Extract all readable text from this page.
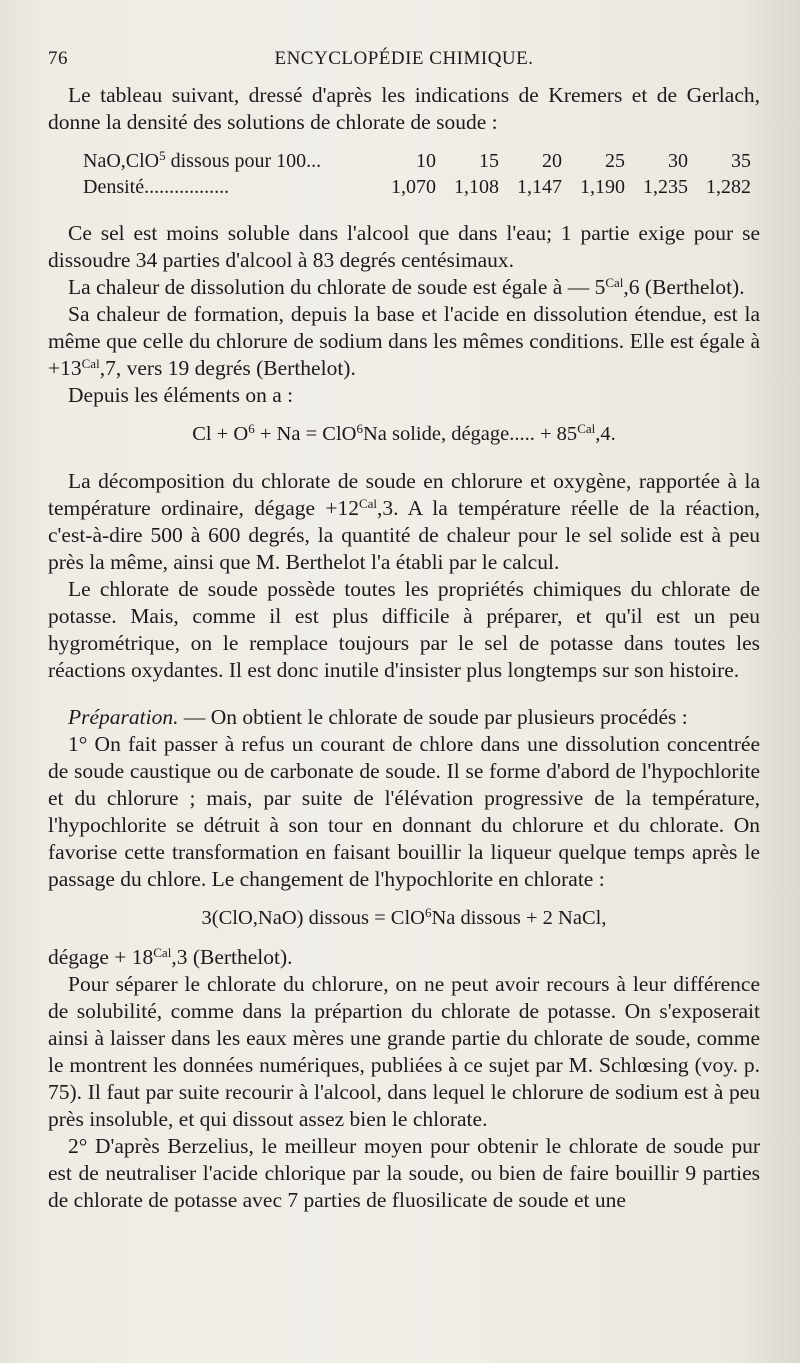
76	ENCYCLOPÉDIE CHIMIQUE.

Le tableau suivant, dressé d'après les indications de Kremers et de Gerlach, donne la densité des solutions de chlorate de soude :

NaO,ClO$^5$ dissous pour 100...	10	15	20	25	30	35
Densité.................	1,070	1,108	1,147	1,190	1,235	1,282

Ce sel est moins soluble dans l'alcool que dans l'eau; 1 partie exige pour se dissoudre 34 parties d'alcool à 83 degrés centésimaux.

La chaleur de dissolution du chlorate de soude est égale à — $5^{Cal},6$ (Berthelot).

Sa chaleur de formation, depuis la base et l'acide en dissolution étendue, est la même que celle du chlorure de sodium dans les mêmes conditions. Elle est égale à $+13^{Cal},7$, vers 19 degrés (Berthelot).

Depuis les éléments on a :

$Cl + O^6 + Na = ClO^6Na$ solide, dégage..... + $85^{Cal},4$.

La décomposition du chlorate de soude en chlorure et oxygène, rapportée à la température ordinaire, dégage $+12^{Cal},3$. A la température réelle de la réaction, c'est-à-dire 500 à 600 degrés, la quantité de chaleur pour le sel solide est à peu près la même, ainsi que M. Berthelot l'a établi par le calcul.

Le chlorate de soude possède toutes les propriétés chimiques du chlorate de potasse. Mais, comme il est plus difficile à préparer, et qu'il est un peu hygrométrique, on le remplace toujours par le sel de potasse dans toutes les réactions oxydantes. Il est donc inutile d'insister plus longtemps sur son histoire.

Préparation. — On obtient le chlorate de soude par plusieurs procédés :

1° On fait passer à refus un courant de chlore dans une dissolution concentrée de soude caustique ou de carbonate de soude. Il se forme d'abord de l'hypochlorite et du chlorure ; mais, par suite de l'élévation progressive de la température, l'hypochlorite se détruit à son tour en donnant du chlorure et du chlorate. On favorise cette transformation en faisant bouillir la liqueur quelque temps après le passage du chlore. Le changement de l'hypochlorite en chlorate :

3(ClO,NaO) dissous = ClO$^6$Na dissous + 2 NaCl,

dégage + $18^{Cal},3$ (Berthelot).

Pour séparer le chlorate du chlorure, on ne peut avoir recours à leur différence de solubilité, comme dans la prépartion du chlorate de potasse. On s'exposerait ainsi à laisser dans les eaux mères une grande partie du chlorate de soude, comme le montrent les données numériques, publiées à ce sujet par M. Schlœsing (voy. p. 75). Il faut par suite recourir à l'alcool, dans lequel le chlorure de sodium est à peu près insoluble, et qui dissout assez bien le chlorate.

2° D'après Berzelius, le meilleur moyen pour obtenir le chlorate de soude pur est de neutraliser l'acide chlorique par la soude, ou bien de faire bouillir 9 parties de chlorate de potasse avec 7 parties de fluosilicate de soude et une
